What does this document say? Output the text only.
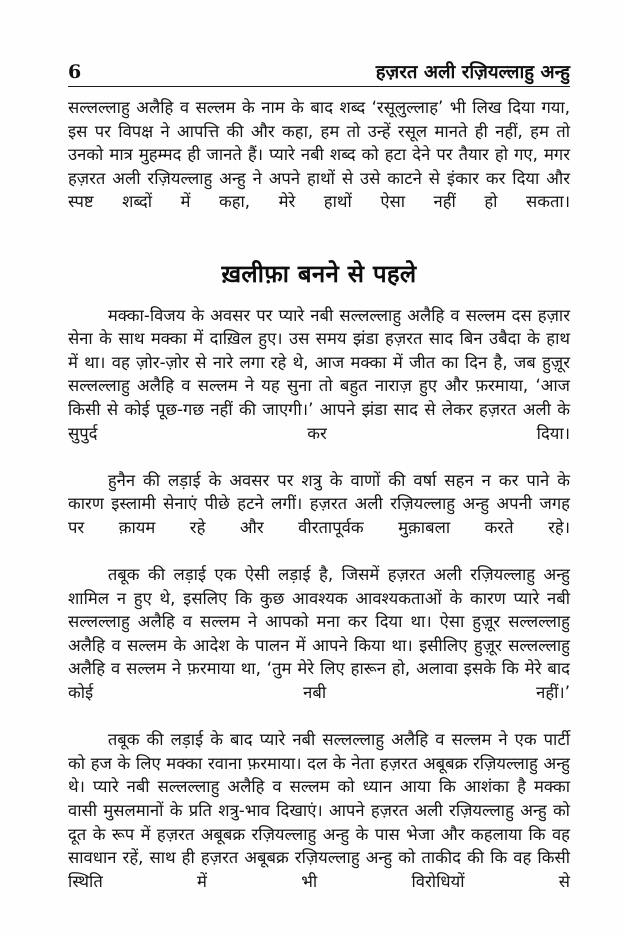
6	हज़रत अली रज़ियल्लाहु अन्हु

सल्लल्लाहु अलैहि व सल्लम के नाम के बाद शब्द ‘रसूलुल्लाह’ भी लिख दिया गया, इस पर विपक्ष ने आपत्ति की और कहा, हम तो उन्हें रसूल मानते ही नहीं, हम तो उनको मात्र मुहम्मद ही जानते हैं। प्यारे नबी शब्द को हटा देने पर तैयार हो गए, मगर हज़रत अली रज़ियल्लाहु अन्हु ने अपने हाथों से उसे काटने से इंकार कर दिया और स्पष्ट शब्दों में कहा, मेरे हाथों ऐसा नहीं हो सकता।

ख़लीफ़ा बनने से पहले

मक्का-विजय के अवसर पर प्यारे नबी सल्लल्लाहु अलैहि व सल्लम दस हज़ार सेना के साथ मक्का में दाख़िल हुए। उस समय झंडा हज़रत साद बिन उबैदा के हाथ में था। वह ज़ोर-ज़ोर से नारे लगा रहे थे, आज मक्का में जीत का दिन है, जब हुज़ूर सल्लल्लाहु अलैहि व सल्लम ने यह सुना तो बहुत नाराज़ हुए और फ़रमाया, ‘आज किसी से कोई पूछ-गछ नहीं की जाएगी।’ आपने झंडा साद से लेकर हज़रत अली के सुपुर्द कर दिया।

हुनैन की लड़ाई के अवसर पर शत्रु के वाणों की वर्षा सहन न कर पाने के कारण इस्लामी सेनाएं पीछे हटने लगीं। हज़रत अली रज़ियल्लाहु अन्हु अपनी जगह पर क़ायम रहे और वीरतापूर्वक मुक़ाबला करते रहे।

तबूक की लड़ाई एक ऐसी लड़ाई है, जिसमें हज़रत अली रज़ियल्लाहु अन्हु शामिल न हुए थे, इसलिए कि कुछ आवश्यक आवश्यकताओं के कारण प्यारे नबी सल्लल्लाहु अलैहि व सल्लम ने आपको मना कर दिया था। ऐसा हुज़ूर सल्लल्लाहु अलैहि व सल्लम के आदेश के पालन में आपने किया था। इसीलिए हुज़ूर सल्लल्लाहु अलैहि व सल्लम ने फ़रमाया था, ‘तुम मेरे लिए हारून हो, अलावा इसके कि मेरे बाद कोई नबी नहीं।’

तबूक की लड़ाई के बाद प्यारे नबी सल्लल्लाहु अलैहि व सल्लम ने एक पार्टी को हज के लिए मक्का रवाना फ़रमाया। दल के नेता हज़रत अबूबक्र रज़ियल्लाहु अन्हु थे। प्यारे नबी सल्लल्लाहु अलैहि व सल्लम को ध्यान आया कि आशंका है मक्का वासी मुसलमानों के प्रति शत्रु-भाव दिखाएं। आपने हज़रत अली रज़ियल्लाहु अन्हु को दूत के रूप में हज़रत अबूबक्र रज़ियल्लाहु अन्हु के पास भेजा और कहलाया कि वह सावधान रहें, साथ ही हज़रत अबूबक्र रज़ियल्लाहु अन्हु को ताकीद की कि वह किसी स्थिति में भी विरोधियों से
